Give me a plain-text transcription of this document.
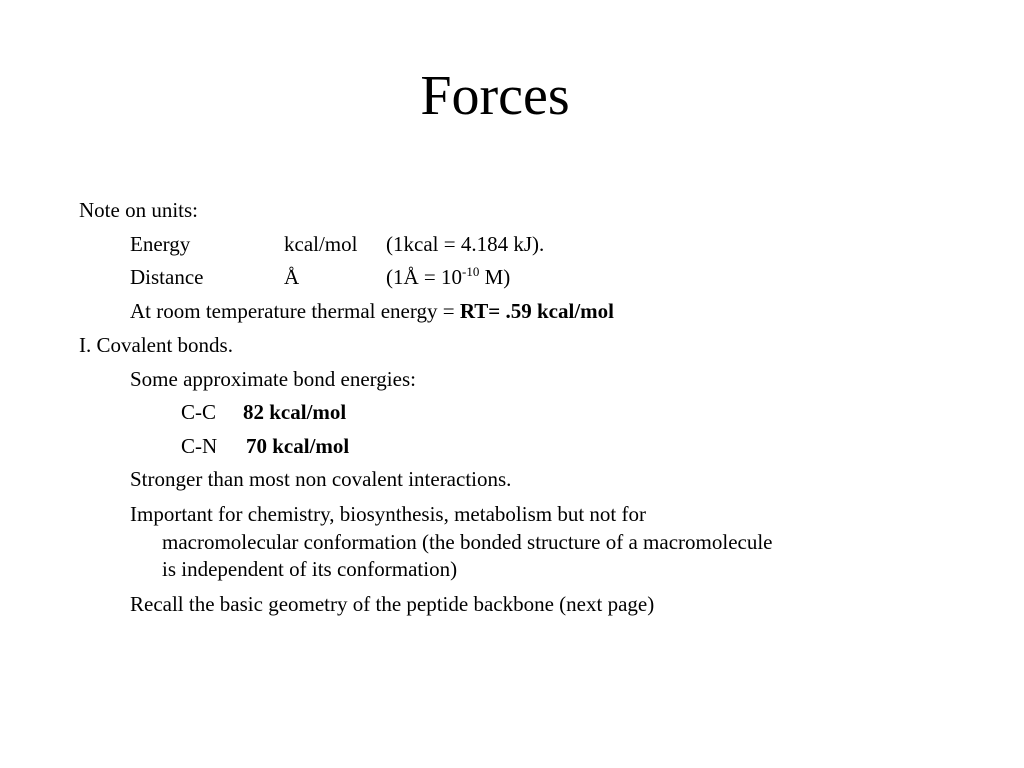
Forces
Note on units:
Energy	kcal/mol (1kcal = 4.184 kJ).
Distance	Å	(1Å = $10^{-10}$ M)
At room temperature thermal energy = RT= .59 kcal/mol
I. Covalent bonds.
Some approximate bond energies:
C-C 82 kcal/mol
C-N 70 kcal/mol
Stronger than most non covalent interactions.
Important for chemistry, biosynthesis, metabolism but not for
macromolecular conformation (the bonded structure of a macromolecule
is independent of its conformation)
Recall the basic geometry of the peptide backbone (next page)
